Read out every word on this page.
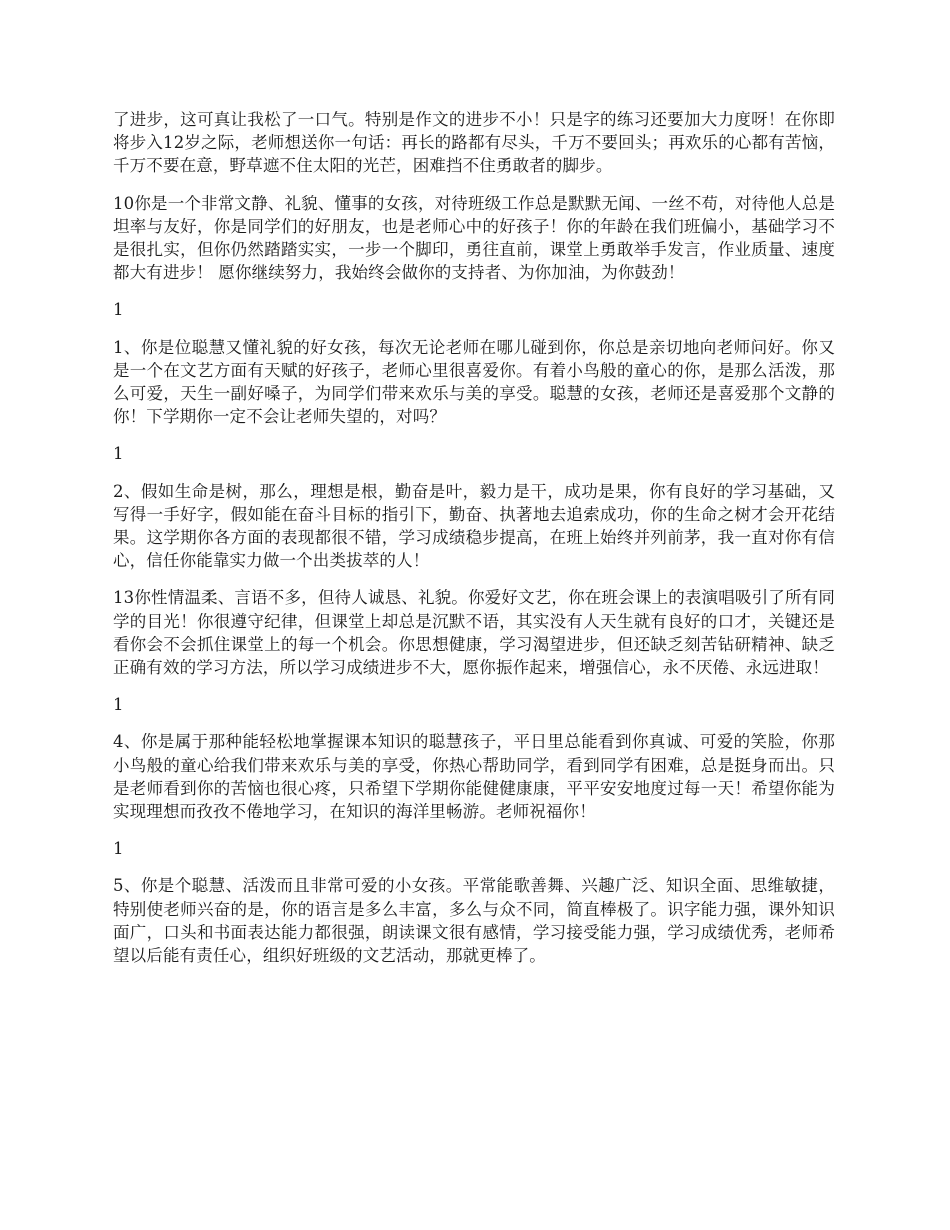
了进步，这可真让我松了一口气。特别是作文的进步不小！只是字的练习还要加大力度呀！在你即将步入12岁之际，老师想送你一句话：再长的路都有尽头，千万不要回头；再欢乐的心都有苦恼，千万不要在意，野草遮不住太阳的光芒，困难挡不住勇敢者的脚步。

10你是一个非常文静、礼貌、懂事的女孩，对待班级工作总是默默无闻、一丝不苟，对待他人总是坦率与友好，你是同学们的好朋友，也是老师心中的好孩子！你的年龄在我们班偏小，基础学习不是很扎实，但你仍然踏踏实实，一步一个脚印，勇往直前，课堂上勇敢举手发言，作业质量、速度都大有进步！ 愿你继续努力，我始终会做你的支持者、为你加油，为你鼓劲！

1

1、你是位聪慧又懂礼貌的好女孩，每次无论老师在哪儿碰到你，你总是亲切地向老师问好。你又是一个在文艺方面有天赋的好孩子，老师心里很喜爱你。有着小鸟般的童心的你，是那么活泼，那么可爱，天生一副好嗓子，为同学们带来欢乐与美的享受。聪慧的女孩，老师还是喜爱那个文静的你！下学期你一定不会让老师失望的，对吗？

1

2、假如生命是树，那么，理想是根，勤奋是叶，毅力是干，成功是果，你有良好的学习基础，又写得一手好字，假如能在奋斗目标的指引下，勤奋、执著地去追索成功，你的生命之树才会开花结果。这学期你各方面的表现都很不错，学习成绩稳步提高，在班上始终并列前茅，我一直对你有信心，信任你能靠实力做一个出类拔萃的人！

13你性情温柔、言语不多，但待人诚恳、礼貌。你爱好文艺，你在班会课上的表演唱吸引了所有同学的目光！你很遵守纪律，但课堂上却总是沉默不语，其实没有人天生就有良好的口才，关键还是看你会不会抓住课堂上的每一个机会。你思想健康，学习渴望进步，但还缺乏刻苦钻研精神、缺乏正确有效的学习方法，所以学习成绩进步不大，愿你振作起来，增强信心，永不厌倦、永远进取！

1

4、你是属于那种能轻松地掌握课本知识的聪慧孩子，平日里总能看到你真诚、可爱的笑脸，你那小鸟般的童心给我们带来欢乐与美的享受，你热心帮助同学，看到同学有困难，总是挺身而出。只是老师看到你的苦恼也很心疼，只希望下学期你能健健康康，平平安安地度过每一天！希望你能为实现理想而孜孜不倦地学习，在知识的海洋里畅游。老师祝福你！

1

5、你是个聪慧、活泼而且非常可爱的小女孩。平常能歌善舞、兴趣广泛、知识全面、思维敏捷，特别使老师兴奋的是，你的语言是多么丰富，多么与众不同，简直棒极了。识字能力强，课外知识面广，口头和书面表达能力都很强，朗读课文很有感情，学习接受能力强，学习成绩优秀，老师希望以后能有责任心，组织好班级的文艺活动，那就更棒了。
